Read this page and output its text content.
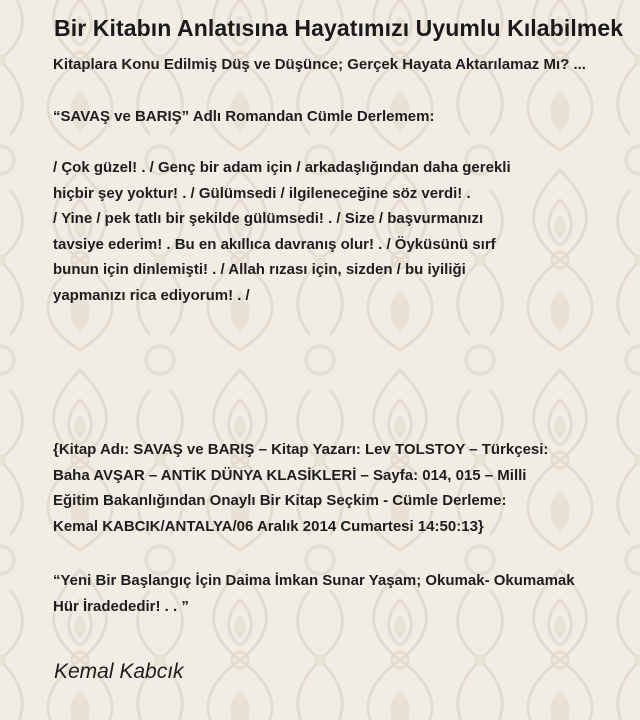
Bir Kitabın Anlatısına Hayatımızı Uyumlu Kılabilmek

Kitaplara Konu Edilmiş Düş ve Düşünce; Gerçek Hayata Aktarılamaz Mı? ...

“SAVAŞ ve BARIŞ” Adlı Romandan Cümle Derlemem:

/ Çok güzel! . / Genç bir adam için / arkadaşlığından daha gerekli
hiçbir şey yoktur! . / Gülümsedi / ilgileneceğine söz verdi! .
/ Yine / pek tatlı bir şekilde gülümsedi! . / Size / başvurmanızı
tavsiye ederim! . Bu en akıllıca davranış olur! . / Öyküsünü sırf
bunun için dinlemişti! . / Allah rızası için, sizden / bu iyiliği
yapmanızı rica ediyorum! . /

{Kitap Adı: SAVAŞ ve BARIŞ – Kitap Yazarı: Lev TOLSTOY – Türkçesi:
Baha AVŞAR – ANTİK DÜNYA KLASİKLERİ – Sayfa: 014, 015 – Milli
Eğitim Bakanlığından Onaylı Bir Kitap Seçkim - Cümle Derleme:
Kemal KABCIK/ANTALYA/06 Aralık 2014 Cumartesi 14:50:13}

“Yeni Bir Başlangıç İçin Daima İmkan Sunar Yaşam; Okumak- Okumamak
Hür İradededir! . . ”

Kemal Kabcık
